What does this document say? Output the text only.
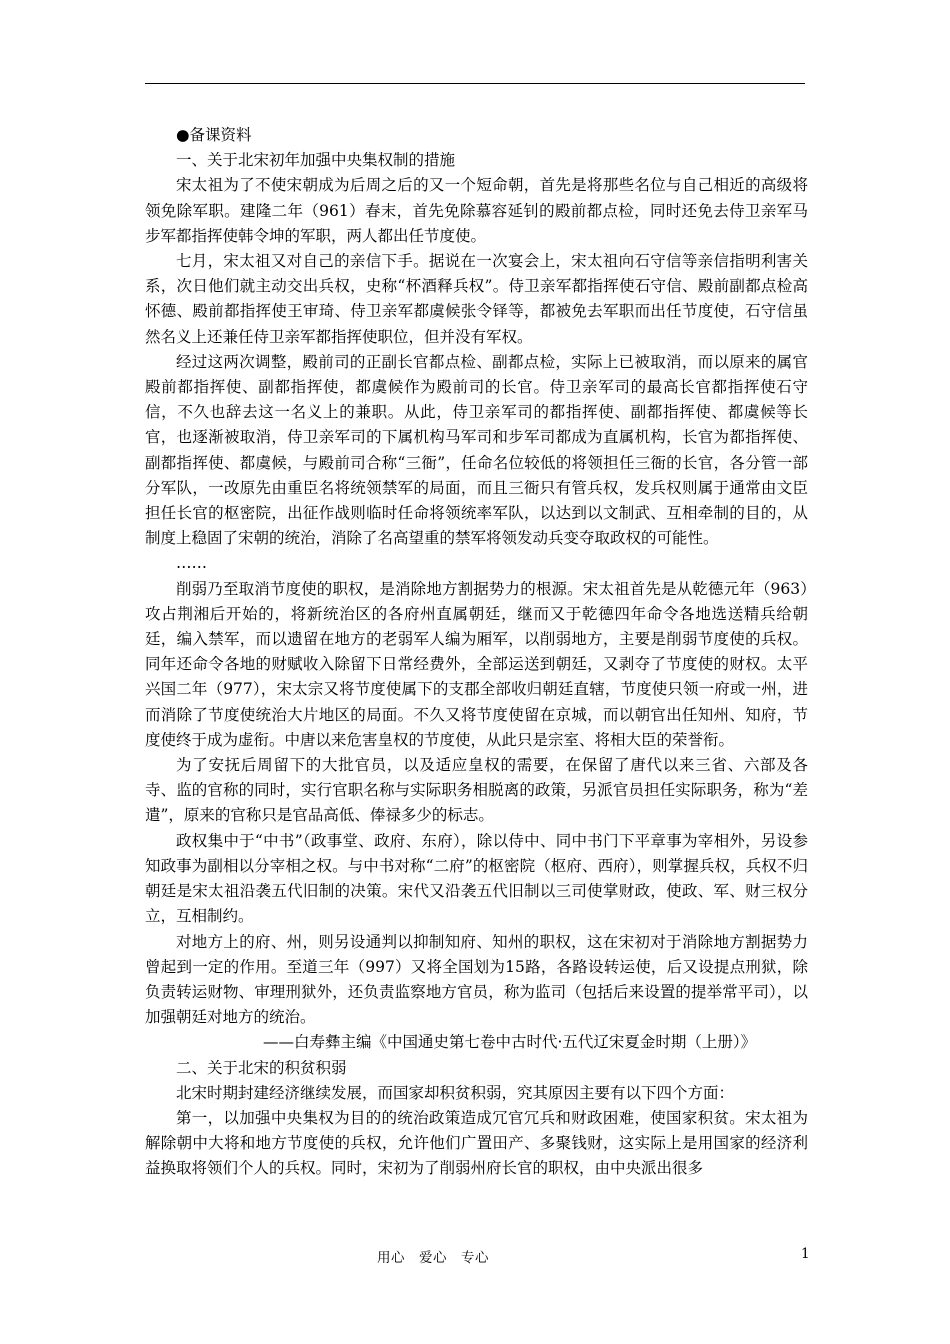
●备课资料

一、关于北宋初年加强中央集权制的措施

宋太祖为了不使宋朝成为后周之后的又一个短命朝，首先是将那些名位与自己相近的高级将领免除军职。建隆二年（961）春末，首先免除慕容延钊的殿前都点检，同时还免去侍卫亲军马步军都指挥使韩令坤的军职，两人都出任节度使。

七月，宋太祖又对自己的亲信下手。据说在一次宴会上，宋太祖向石守信等亲信指明利害关系，次日他们就主动交出兵权，史称“杯酒释兵权”。侍卫亲军都指挥使石守信、殿前副都点检高怀德、殿前都指挥使王审琦、侍卫亲军都虞候张令铎等，都被免去军职而出任节度使，石守信虽然名义上还兼任侍卫亲军都指挥使职位，但并没有军权。

经过这两次调整，殿前司的正副长官都点检、副都点检，实际上已被取消，而以原来的属官殿前都指挥使、副都指挥使，都虞候作为殿前司的长官。侍卫亲军司的最高长官都指挥使石守信，不久也辞去这一名义上的兼职。从此，侍卫亲军司的都指挥使、副都指挥使、都虞候等长官，也逐渐被取消，侍卫亲军司的下属机构马军司和步军司都成为直属机构，长官为都指挥使、副都指挥使、都虞候，与殿前司合称“三衙”，任命名位较低的将领担任三衙的长官，各分管一部分军队，一改原先由重臣名将统领禁军的局面，而且三衙只有管兵权，发兵权则属于通常由文臣担任长官的枢密院，出征作战则临时任命将领统率军队，以达到以文制武、互相牵制的目的，从制度上稳固了宋朝的统治，消除了名高望重的禁军将领发动兵变夺取政权的可能性。

……

削弱乃至取消节度使的职权，是消除地方割据势力的根源。宋太祖首先是从乾德元年（963）攻占荆湘后开始的，将新统治区的各府州直属朝廷，继而又于乾德四年命令各地选送精兵给朝廷，编入禁军，而以遗留在地方的老弱军人编为厢军，以削弱地方，主要是削弱节度使的兵权。同年还命令各地的财赋收入除留下日常经费外，全部运送到朝廷，又剥夺了节度使的财权。太平兴国二年（977），宋太宗又将节度使属下的支郡全部收归朝廷直辖，节度使只领一府或一州，进而消除了节度使统治大片地区的局面。不久又将节度使留在京城，而以朝官出任知州、知府，节度使终于成为虚衔。中唐以来危害皇权的节度使，从此只是宗室、将相大臣的荣誉衔。

为了安抚后周留下的大批官员，以及适应皇权的需要，在保留了唐代以来三省、六部及各寺、监的官称的同时，实行官职名称与实际职务相脱离的政策，另派官员担任实际职务，称为“差遣”，原来的官称只是官品高低、俸禄多少的标志。

政权集中于“中书”（政事堂、政府、东府），除以侍中、同中书门下平章事为宰相外，另设参知政事为副相以分宰相之权。与中书对称“二府”的枢密院（枢府、西府），则掌握兵权，兵权不归朝廷是宋太祖沿袭五代旧制的决策。宋代又沿袭五代旧制以三司使掌财政，使政、军、财三权分立，互相制约。

对地方上的府、州，则另设通判以抑制知府、知州的职权，这在宋初对于消除地方割据势力曾起到一定的作用。至道三年（997）又将全国划为15路，各路设转运使，后又设提点刑狱，除负责转运财物、审理刑狱外，还负责监察地方官员，称为监司（包括后来设置的提举常平司），以加强朝廷对地方的统治。

——白寿彝主编《中国通史第七卷中古时代·五代辽宋夏金时期（上册）》

二、关于北宋的积贫积弱

北宋时期封建经济继续发展，而国家却积贫积弱，究其原因主要有以下四个方面：

第一，以加强中央集权为目的的统治政策造成冗官冗兵和财政困难，使国家积贫。宋太祖为解除朝中大将和地方节度使的兵权，允许他们广置田产、多聚钱财，这实际上是用国家的经济利益换取将领们个人的兵权。同时，宋初为了削弱州府长官的职权，由中央派出很多

用心　爱心　专心	1
